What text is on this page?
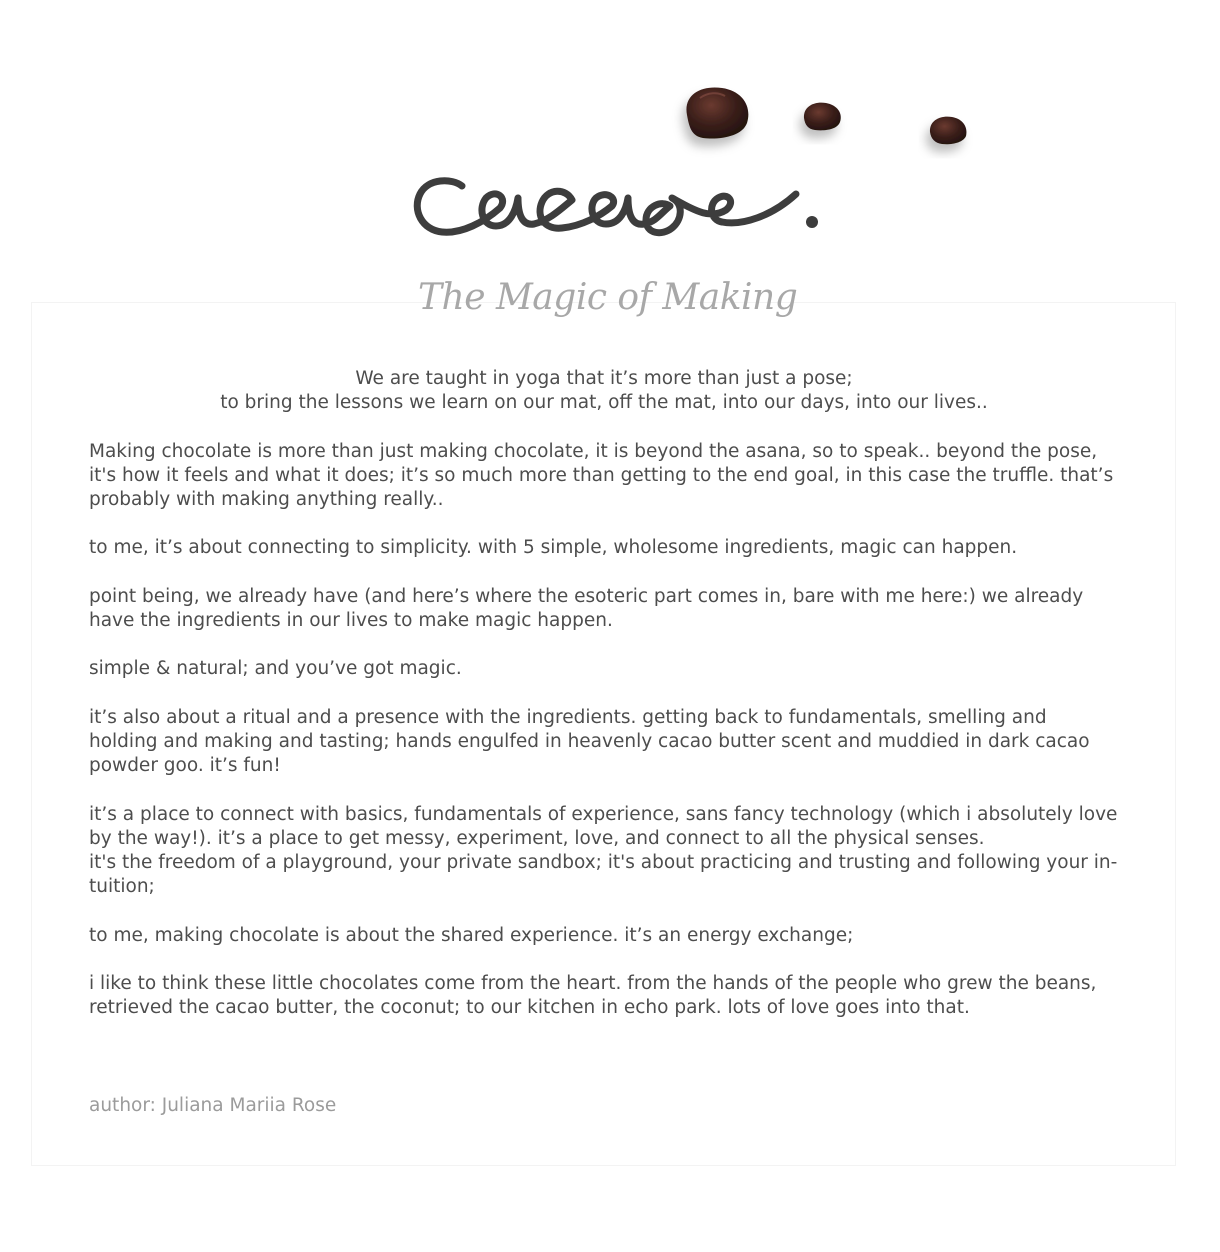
The Magic of Making

We are taught in yoga that it’s more than just a pose;
to bring the lessons we learn on our mat, off the mat, into our days, into our lives..

Making chocolate is more than just making chocolate, it is beyond the asana, so to speak.. beyond the pose, it's how it feels and what it does; it’s so much more than getting to the end goal, in this case the truffle. that’s probably with making anything really..

to me, it’s about connecting to simplicity. with 5 simple, wholesome ingredients, magic can happen.

point being, we already have (and here’s where the esoteric part comes in, bare with me here:) we already have the ingredients in our lives to make magic happen.

simple & natural; and you’ve got magic.

it’s also about a ritual and a presence with the ingredients. getting back to fundamentals, smelling and holding and making and tasting; hands engulfed in heavenly cacao butter scent and muddied in dark cacao powder goo. it’s fun!

it’s a place to connect with basics, fundamentals of experience, sans fancy technology (which i absolutely love by the way!). it’s a place to get messy, experiment, love, and connect to all the physical senses.
it's the freedom of a playground, your private sandbox; it's about practicing and trusting and following your in-tuition;

to me, making chocolate is about the shared experience. it’s an energy exchange;

i like to think these little chocolates come from the heart. from the hands of the people who grew the beans, retrieved the cacao butter, the coconut; to our kitchen in echo park. lots of love goes into that.

author: Juliana Mariia Rose
